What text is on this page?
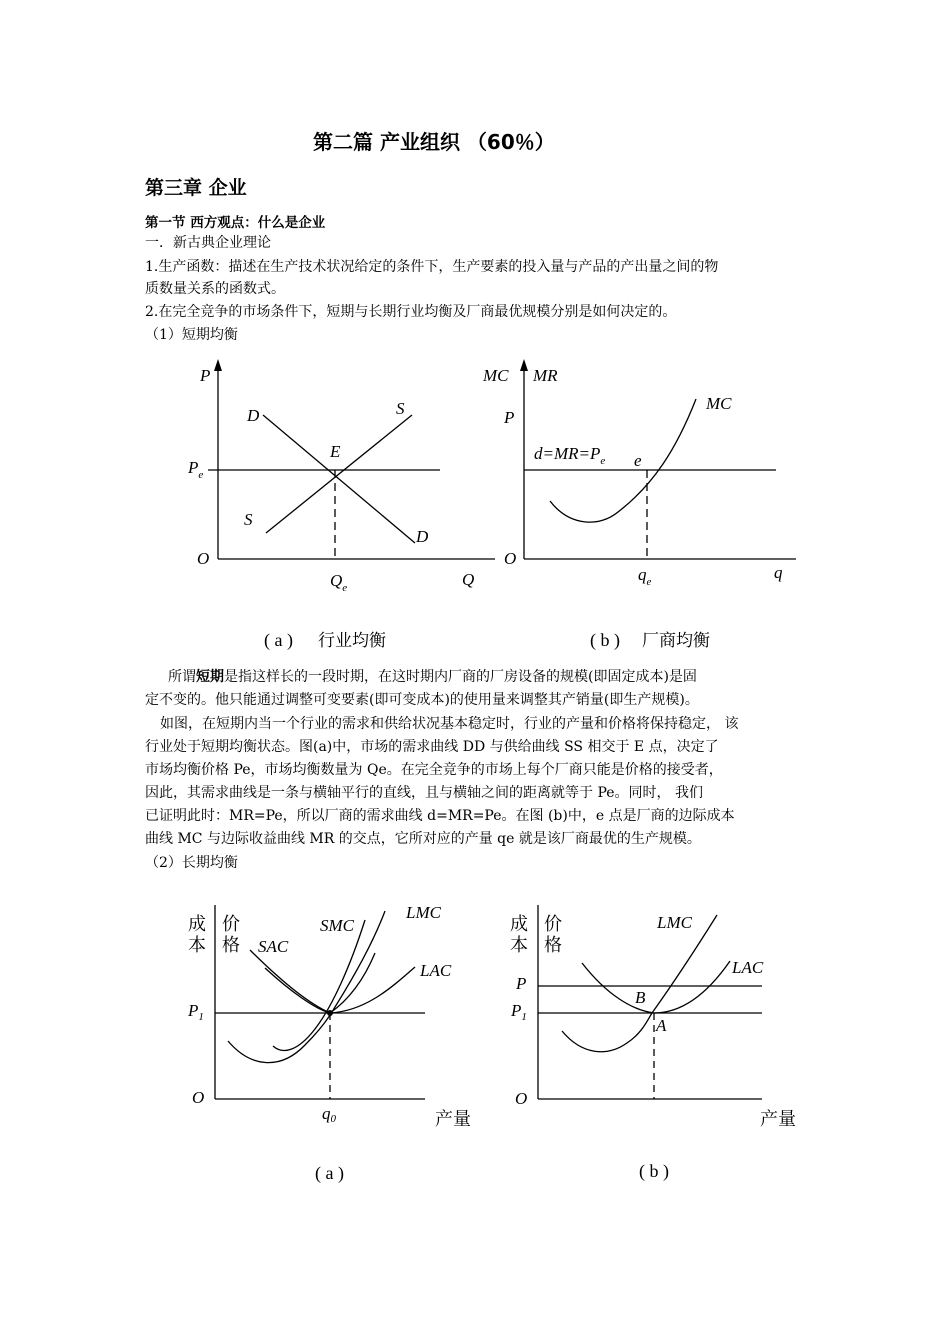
第二篇 产业组织 （60％）
第三章 企业
第一节 西方观点：什么是企业
一．新古典企业理论
1.生产函数：描述在生产技术状况给定的条件下，生产要素的投入量与产品的产出量之间的物
质数量关系的函数式。
2.在完全竞争的市场条件下，短期与长期行业均衡及厂商最优规模分别是如何决定的。
（1）短期均衡
P
$P_e$
O
$Q_e$	Q
D
D
S
S
E
( a ) 行业均衡
MC MR
P
O
q
MC
$d=MR=P_e$ e
$q_e$
( b ) 厂商均衡
所谓短期是指这样长的一段时期，在这时期内厂商的厂房设备的规模(即固定成本)是固
定不变的。他只能通过调整可变要素(即可变成本)的使用量来调整其产销量(即生产规模)。
如图，在短期内当一个行业的需求和供给状况基本稳定时，行业的产量和价格将保持稳定， 该
行业处于短期均衡状态。图(a)中，市场的需求曲线 DD 与供给曲线 SS 相交于 E 点，决定了
市场均衡价格 Pe，市场均衡数量为 Qe。在完全竞争的市场上每个厂商只能是价格的接受者，
因此，其需求曲线是一条与横轴平行的直线，且与横轴之间的距离就等于 Pe。同时， 我们
已证明此时：MR=Pe，所以厂商的需求曲线 d=MR=Pe。在图 (b)中，e 点是厂商的边际成本
曲线 MC 与边际收益曲线 MR 的交点，它所对应的产量 qe 就是该厂商最优的生产规模。
（2）长期均衡
成
本
价
格
SMC
LMC
SAC
LAC
$P_1$
O
q0	产量
( a )
成
本
价
格
LMC
LAC
P
$P_1$
B
A
O
产量
( b )
